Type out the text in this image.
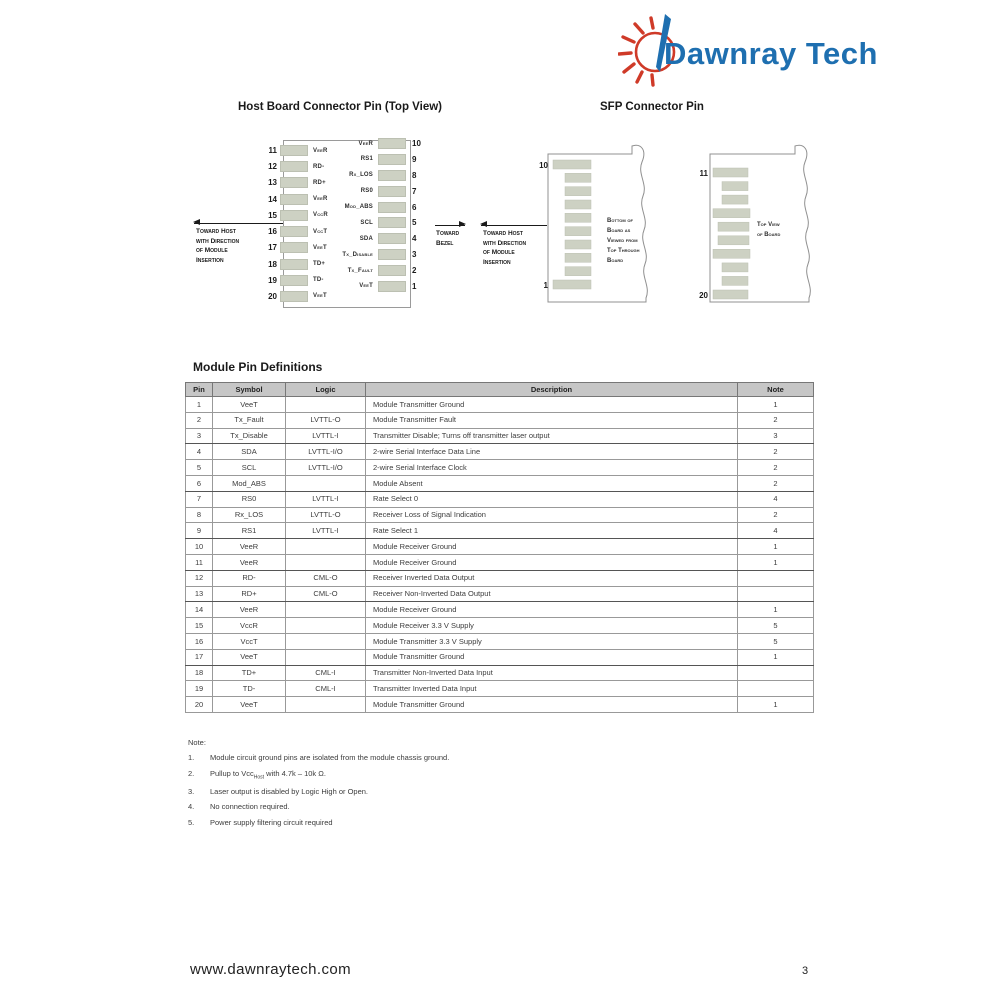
Dawnray Tech
Host Board Connector Pin (Top View)	SFP Connector Pin
11	VeeR
12	RD-
13	RD+
14	VeeR
15	VccR
16	VccT
17	VeeT
18	TD+
19	TD-
20	VeeT
VeeR	10
RS1	9
Rx_LOS	8
RS0	7
Mod_ABS	6
SCL	5
SDA	4
Tx_Disable	3
Tx_Fault	2
VeeT	1
Toward Host
with Direction
of Module
Insertion
Toward
Bezel
Toward Host
with Direction
of Module
Insertion
10
1
Bottom of
Board as
Viewed from
Top Through
Board
11
20
Top View
of Board
Module Pin Definitions
Pin	Symbol	Logic	Description	Note
1	VeeT		Module Transmitter Ground	1
2	Tx_Fault	LVTTL-O	Module Transmitter Fault	2
3	Tx_Disable	LVTTL-I	Transmitter Disable; Turns off transmitter laser output	3
4	SDA	LVTTL-I/O	2-wire Serial Interface Data Line	2
5	SCL	LVTTL-I/O	2-wire Serial Interface Clock	2
6	Mod_ABS		Module Absent	2
7	RS0	LVTTL-I	Rate Select 0	4
8	Rx_LOS	LVTTL-O	Receiver Loss of Signal Indication	2
9	RS1	LVTTL-I	Rate Select 1	4
10	VeeR		Module Receiver Ground	1
11	VeeR		Module Receiver Ground	1
12	RD-	CML-O	Receiver Inverted Data Output	
13	RD+	CML-O	Receiver Non-Inverted Data Output	
14	VeeR		Module Receiver Ground	1
15	VccR		Module Receiver 3.3 V Supply	5
16	VccT		Module Transmitter 3.3 V Supply	5
17	VeeT		Module Transmitter Ground	1
18	TD+	CML-I	Transmitter Non-Inverted Data Input	
19	TD-	CML-I	Transmitter Inverted Data Input	
20	VeeT		Module Transmitter Ground	1
Note:
1.	Module circuit ground pins are isolated from the module chassis ground.
2.	Pullup to Vcc$_{Host}$ with 4.7k – 10k Ω.
3.	Laser output is disabled by Logic High or Open.
4.	No connection required.
5.	Power supply filtering circuit required
www.dawnraytech.com	3
